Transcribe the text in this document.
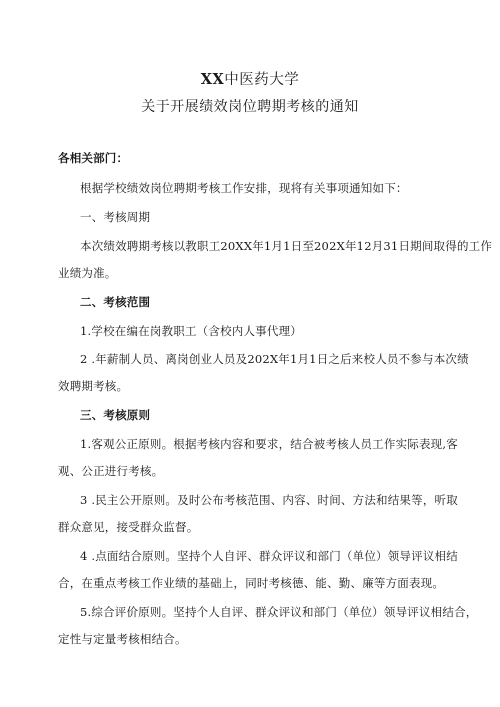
XX中医药大学
关于开展绩效岗位聘期考核的通知
各相关部门：
根据学校绩效岗位聘期考核工作安排，现将有关事项通知如下：
一、考核周期
本次绩效聘期考核以教职工20XX年1月1日至202X年12月31日期间取得的工作
业绩为准。
二、考核范围
1.学校在编在岗教职工（含校内人事代理）
2 .年薪制人员、离岗创业人员及202X年1月1日之后来校人员不参与本次绩
效聘期考核。
三、考核原则
1.客观公正原则。根据考核内容和要求，结合被考核人员工作实际表现,客
观、公正进行考核。
3 .民主公开原则。及时公布考核范围、内容、时间、方法和结果等，听取
群众意见，接受群众监督。
4 .点面结合原则。坚持个人自评、群众评议和部门（单位）领导评议相结
合，在重点考核工作业绩的基础上，同时考核德、能、勤、廉等方面表现。
5.综合评价原则。坚持个人自评、群众评议和部门（单位）领导评议相结合，
定性与定量考核相结合。
